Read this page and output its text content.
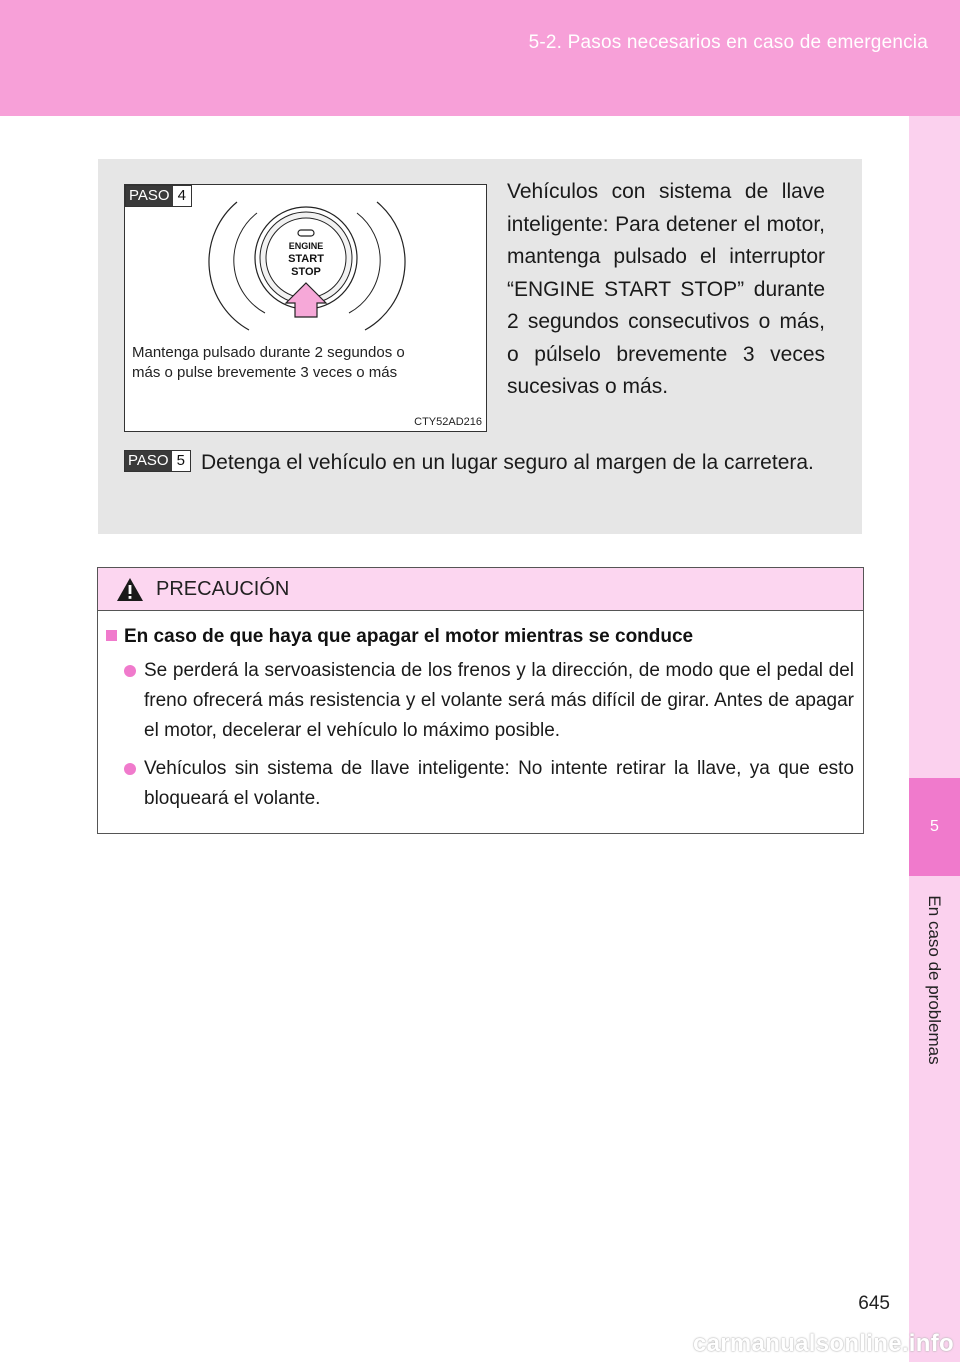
5-2. Pasos necesarios en caso de emergencia
5
En caso de problemas
ENGINE
START
STOP
Mantenga pulsado durante 2 segundos o
más o pulse brevemente 3 veces o más
CTY52AD216
PASO 4	Vehículos con sistema de llave inteligente: Para detener el motor, mantenga pulsado el interruptor “ENGINE START STOP” durante 2 segundos consecutivos o más, o púlselo brevemente 3 veces sucesivas o más.
PASO 5 Detenga el vehículo en un lugar seguro al margen de la carretera.
PRECAUCIÓN
En caso de que haya que apagar el motor mientras se conduce
Se perderá la servoasistencia de los frenos y la dirección, de modo que el pedal del freno ofrecerá más resistencia y el volante será más difícil de girar. Antes de apagar el motor, decelerar el vehículo lo máximo posible.
Vehículos sin sistema de llave inteligente: No intente retirar la llave, ya que esto bloqueará el volante.
645
carmanualsonline.info
